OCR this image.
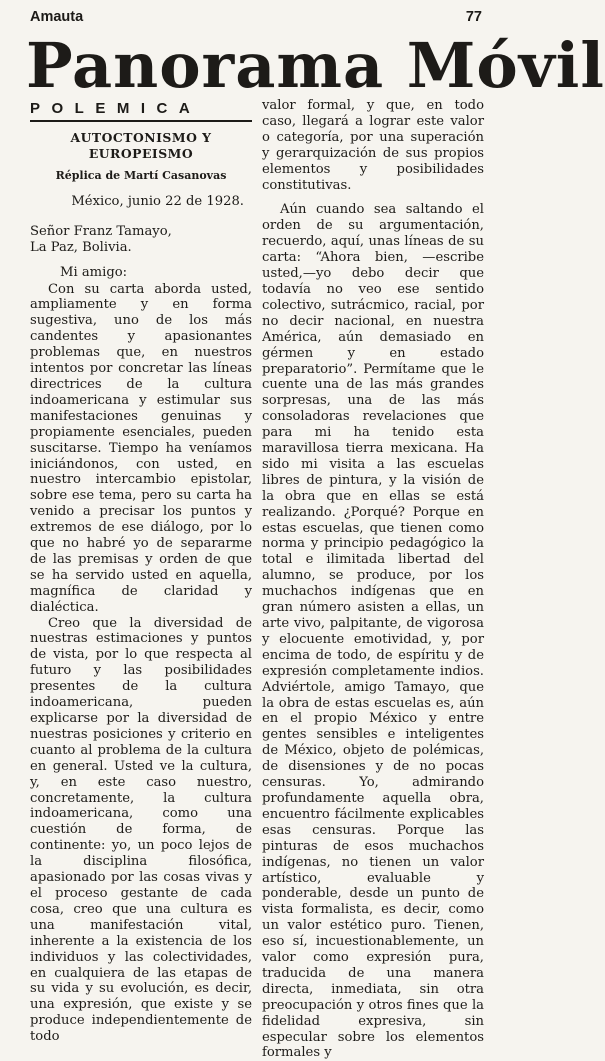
Amauta	77
Panorama Móvil
POLEMICA
AUTOCTONISMO Y EUROPEISMO
Réplica de Martí Casanovas
México, junio 22 de 1928.
Señor Franz Tamayo,
La Paz, Bolivia.
Mi amigo:

Con su carta aborda usted, ampliamente y en forma sugestiva, uno de los más candentes y apasionantes problemas que, en nuestros intentos por concretar las líneas directrices de la cultura indoamericana y estimular sus manifestaciones genuinas y propiamente esenciales, pueden suscitarse. Tiempo ha veníamos iniciándonos, con usted, en nuestro intercambio epistolar, sobre ese tema, pero su carta ha venido a precisar los puntos y extremos de ese diálogo, por lo que no habré yo de separarme de las premisas y orden de que se ha servido usted en aquella, magnífica de claridad y dialéctica.

Creo que la diversidad de nuestras estimaciones y puntos de vista, por lo que respecta al futuro y las posibilidades presentes de la cultura indoamericana, pueden explicarse por la diversidad de nuestras posiciones y criterio en cuanto al problema de la cultura en general. Usted ve la cultura, y, en este caso nuestro, concretamente, la cultura indoamericana, como una cuestión de forma, de continente: yo, un poco lejos de la disciplina filosófica, apasionado por las cosas vivas y el proceso gestante de cada cosa, creo que una cultura es una manifestación vital, inherente a la existencia de los individuos y las colectividades, en cualquiera de las etapas de su vida y su evolución, es decir, una expresión, que existe y se produce independientemente de todo

valor formal, y que, en todo caso, llegará a lograr este valor o categoría, por una superación y gerarquización de sus propios elementos y posibilidades constitutivas.

Aún cuando sea saltando el orden de su argumentación, recuerdo, aquí, unas líneas de su carta: “Ahora bien, —escribe usted,—yo debo decir que todavía no veo ese sentido colectivo, sutrácmico, racial, por no decir nacional, en nuestra América, aún demasiado en gérmen y en estado preparatorio”. Permítame que le cuente una de las más grandes sorpresas, una de las más consoladoras revelaciones que para mi ha tenido esta maravillosa tierra mexicana. Ha sido mi visita a las escuelas libres de pintura, y la visión de la obra que en ellas se está realizando. ¿Porqué? Porque en estas escuelas, que tienen como norma y principio pedagógico la total e ilimitada libertad del alumno, se produce, por los muchachos indígenas que en gran número asisten a ellas, un arte vivo, palpitante, de vigorosa y elocuente emotividad, y, por encima de todo, de espíritu y de expresión completamente indios. Adviértole, amigo Tamayo, que la obra de estas escuelas es, aún en el propio México y entre gentes sensibles e inteligentes de México, objeto de polémicas, de disensiones y de no pocas censuras. Yo, admirando profundamente aquella obra, encuentro fácilmente explicables esas censuras. Porque las pinturas de esos muchachos indígenas, no tienen un valor artístico, evaluable y ponderable, desde un punto de vista formalista, es decir, como un valor estético puro. Tienen, eso sí, incuestionablemente, un valor como expresión pura, traducida de una manera directa, inmediata, sin otra preocupación y otros fines que la fidelidad expresiva, sin especular sobre los elementos formales y
